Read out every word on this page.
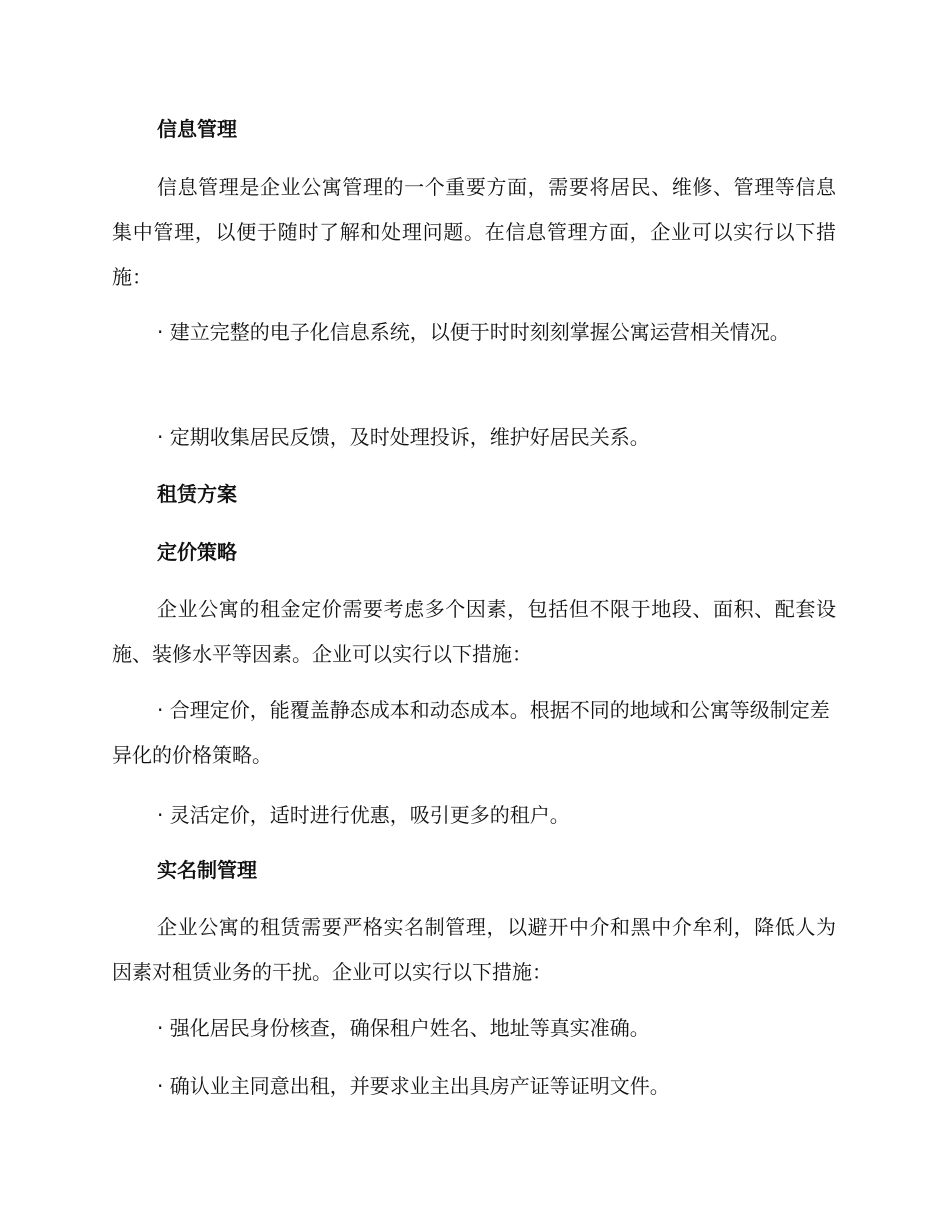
信息管理

信息管理是企业公寓管理的一个重要方面，需要将居民、维修、管理等信息集中管理，以便于随时了解和处理问题。在信息管理方面，企业可以实行以下措施：

· 建立完整的电子化信息系统，以便于时时刻刻掌握公寓运营相关情况。

· 定期收集居民反馈，及时处理投诉，维护好居民关系。

租赁方案
定价策略

企业公寓的租金定价需要考虑多个因素，包括但不限于地段、面积、配套设施、装修水平等因素。企业可以实行以下措施：

· 合理定价，能覆盖静态成本和动态成本。根据不同的地域和公寓等级制定差异化的价格策略。

· 灵活定价，适时进行优惠，吸引更多的租户。

实名制管理

企业公寓的租赁需要严格实名制管理，以避开中介和黑中介牟利，降低人为因素对租赁业务的干扰。企业可以实行以下措施：

· 强化居民身份核查，确保租户姓名、地址等真实准确。

· 确认业主同意出租，并要求业主出具房产证等证明文件。
